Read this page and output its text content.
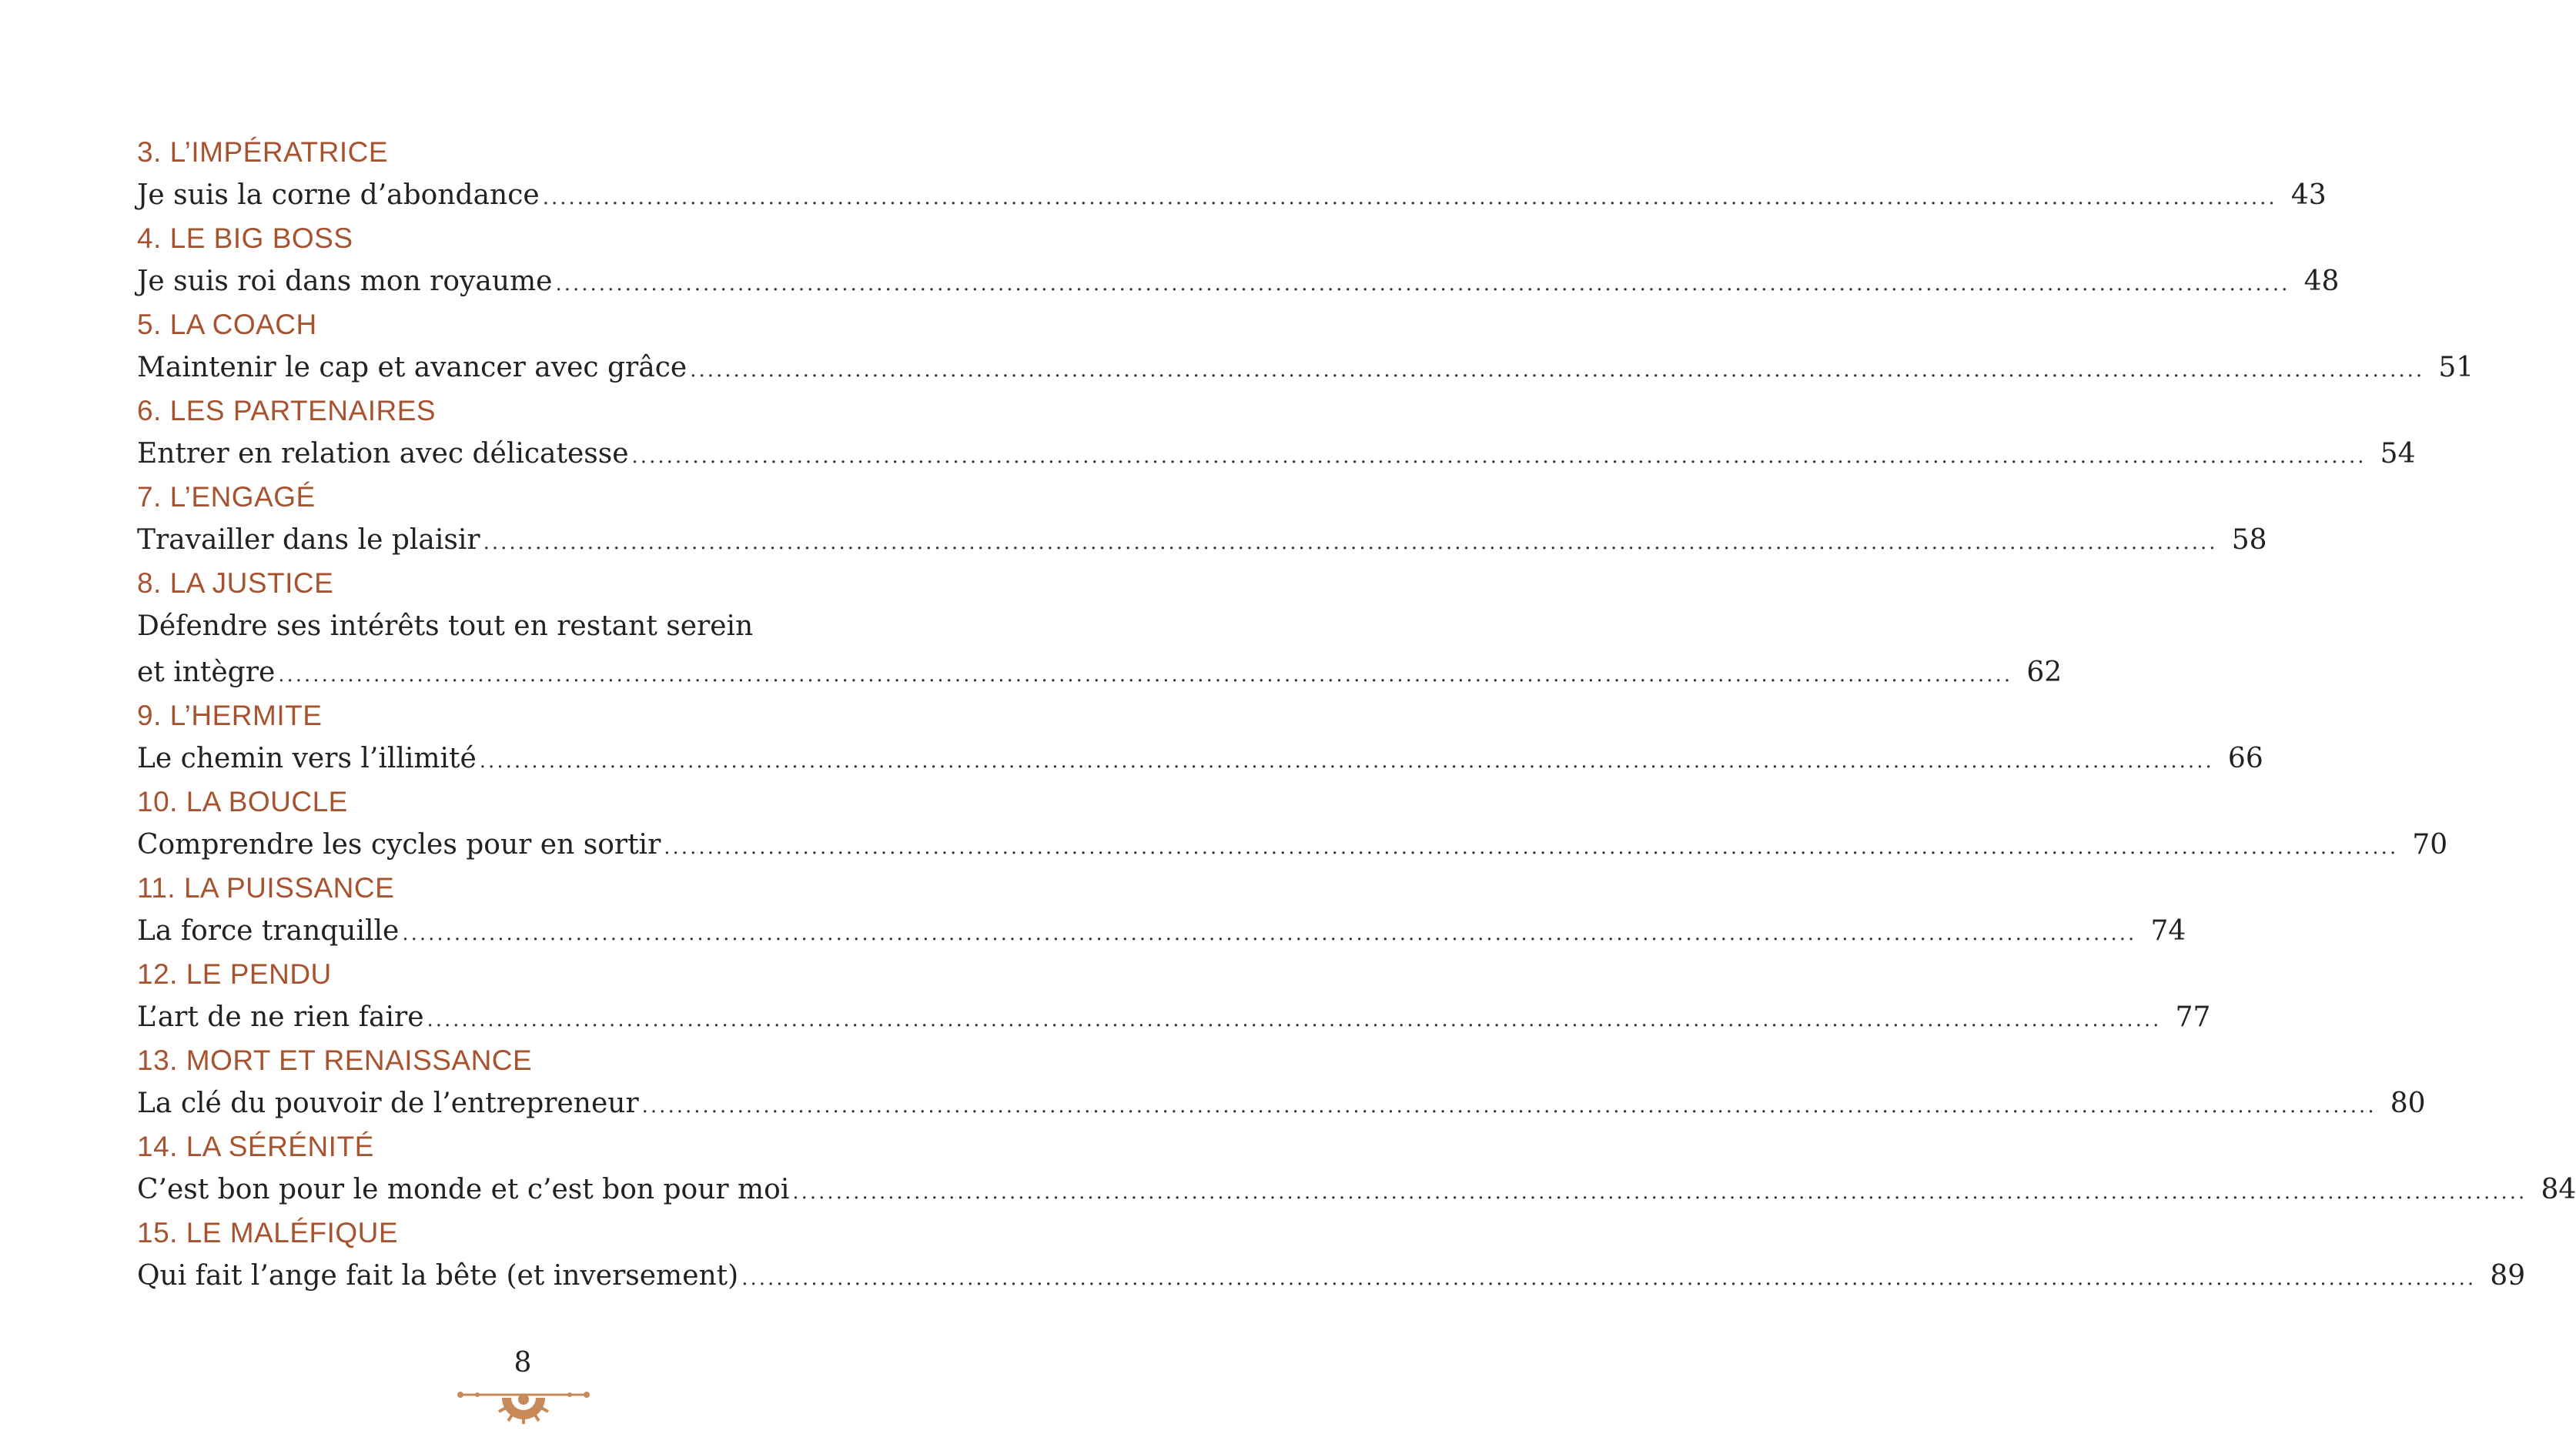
3. L’IMPÉRATRICE
Je suis la corne d’abondance ........................................................................................................................................................................................................ 43
4. LE BIG BOSS
Je suis roi dans mon royaume ........................................................................................................................................................................................................ 48
5. LA COACH
Maintenir le cap et avancer avec grâce ........................................................................................................................................................................................................ 51
6. LES PARTENAIRES
Entrer en relation avec délicatesse ........................................................................................................................................................................................................ 54
7. L’ENGAGÉ
Travailler dans le plaisir ........................................................................................................................................................................................................ 58
8. LA JUSTICE
Défendre ses intérêts tout en restant serein
et intègre ........................................................................................................................................................................................................ 62
9. L’HERMITE
Le chemin vers l’illimité ........................................................................................................................................................................................................ 66
10. LA BOUCLE
Comprendre les cycles pour en sortir ........................................................................................................................................................................................................ 70
11. LA PUISSANCE
La force tranquille ........................................................................................................................................................................................................ 74
12. LE PENDU
L’art de ne rien faire ........................................................................................................................................................................................................ 77
13. MORT ET RENAISSANCE
La clé du pouvoir de l’entrepreneur ........................................................................................................................................................................................................ 80
14. LA SÉRÉNITÉ
C’est bon pour le monde et c’est bon pour moi ........................................................................................................................................................................................................ 84
15. LE MALÉFIQUE
Qui fait l’ange fait la bête (et inversement) ........................................................................................................................................................................................................ 89
8
